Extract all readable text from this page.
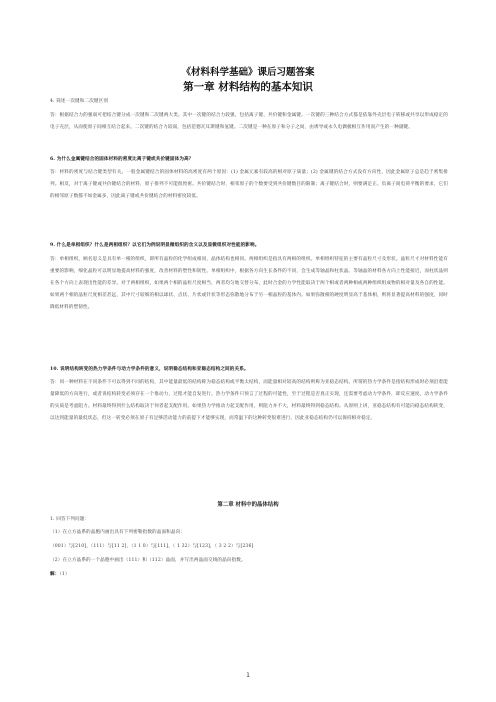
《材料科学基础》课后习题答案
第一章 材料结构的基本知识
4. 简述一次键和二次键区别
答：根据结合力的强弱可把结合键分成一次键和二次键两大类。其中一次键的结合力较强，包括离子键、共价键和金属键。一次键的三种结合方式都是依靠外壳层电子转移或共享以形成稳定的电子壳层，从而使原子间相互结合起来。二次键的结合力较弱，包括范德瓦耳斯键和氢键。二次键是一种在原子和分子之间，由诱导或永久电偶极相互作用而产生的一种副键。
6. 为什么金属键结合的固体材料的密度比离子键或共价键固体为高？
答：材料的密度与结合键类型有关。一般金属键结合的固体材料的高密度有两个原因：(1) 金属元素有较高的相对原子质量；(2) 金属键的结合方式没有方向性，因此金属原子总是趋于密集排列。相反，对于离子键或共价键结合的材料，原子排列不可能很致密。共价键结合时，相邻原子的个数要受到共价键数目的限制；离子键结合时，则要满足正、负离子间电荷平衡的要求，它们的相邻原子数都不如金属多，因此离子键或共价键结合的材料密度较低。
9. 什么是单相组织？什么是两相组织？以它们为例说明显微组织的含义以及显微组织对性能的影响。
答：单相组织，顾名思义是具有单一相的组织，即所有晶粒的化学组成相同，晶体结构也相同。两相组织是指具有两相的组织。单相组织特征的主要有晶粒尺寸及形状。晶粒尺寸对材料性能有重要的影响，细化晶粒可以明显地提高材料的强度，改善材料的塑性和韧性。单相组织中，根据各方向生长条件的不同，会生成等轴晶和柱状晶。等轴晶的材料各方向上性能接近，而柱状晶则在各个方向上表现出性能的差异。对于两相组织，如果两个相的晶粒尺度相当，两者均匀地交替分布，此时合金的力学性能取决于两个相或者两种相或两种组织组成物的相对量及各自的性能。如果两个相的晶粒尺度相差甚远，其中尺寸较细的相以球状、点状、片状或针状等形态弥散地分布于另一相晶粒的基体内。如果弥散相的硬度明显高于基体相，则将显著提高材料的强度，同时降低材料的塑韧性。
10. 说明结构转变的热力学条件与动力学条件的意义，说明稳态结构和亚稳态结构之间的关系。
答：同一种材料在不同条件下可以得到不同的结构，其中能量最低的结构称为稳态结构或平衡太结构，而能量相对较高的结构则称为亚稳态结构。所谓的热力学条件是指结构形成时必须沿着能量降低的方向进行，或者说结构转变必须存在一个推动力，过程才能自发进行。热力学条件只预言了过程的可能性，至于过程是否真正实现，还需要考虑动力学条件，即反应速度。动力学条件的实质是考虑阻力。材料最终得到什么结构取决于何者起支配作用。如果热力学推动力起支配作用，则阻力并不大，材料最终得到稳态结构。从原则上讲，亚稳态结构有可能向稳态结构转变，以达到能量的最低状态，但这一转变必须在原子有足够活动能力的前提下才能够实现，而常温下的这种转变很难进行，因此亚稳态结构仍可以保持相对稳定。
第二章 材料中的晶体结构
1. 回答下列问题：
（1）在立方晶系的晶胞内画出具有下列密勒指数的晶面和晶向：
（001）与[210]，（111）与[11 2]，（1 1 0）与[111]，（ 1 32）与[123]，（ 3 2 2）与[236]
（2）在立方晶系的一个晶胞中画出（111）和（112）晶面，并写出两晶面交线的晶向指数。
解：（1）
1
